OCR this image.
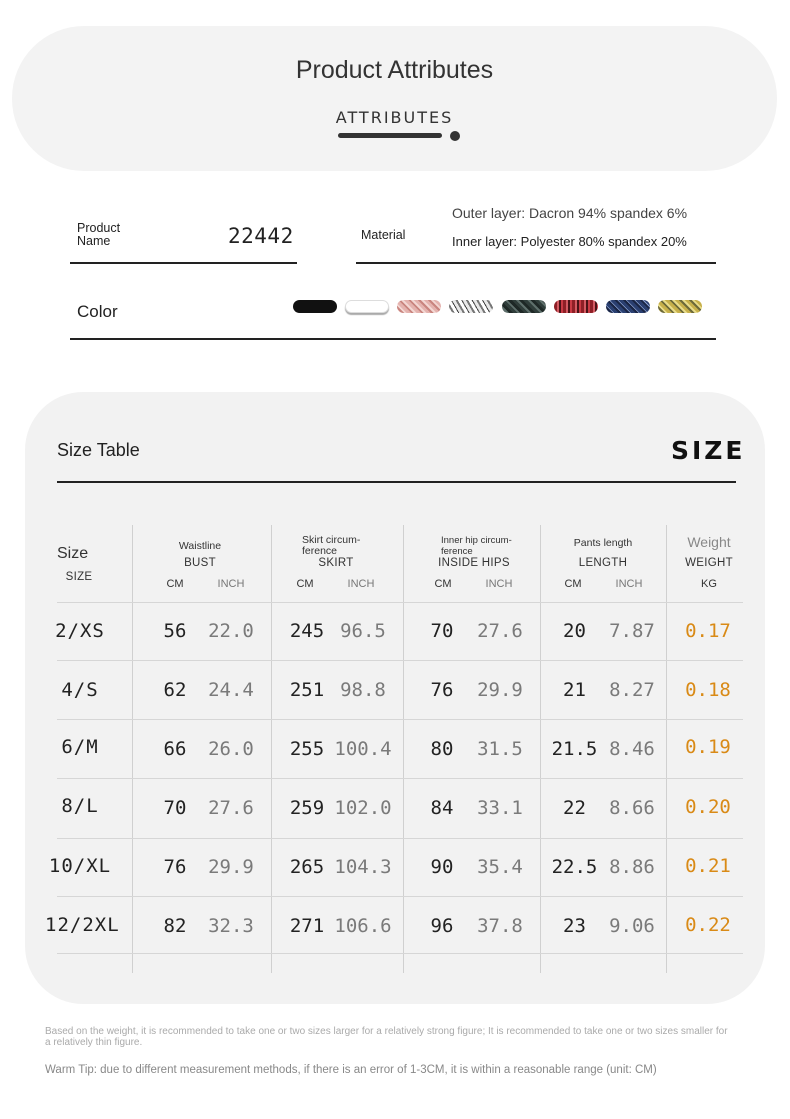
Product Attributes
ATTRIBUTES
Product
Name	22442	Material
Outer layer: Dacron 94% spandex 6%
Inner layer: Polyester 80% spandex 20%
Color
Size Table	SIZE
Size
SIZE
Waistline
BUST
CM	INCH
Skirt circum-ference
SKIRT
CM	INCH
Inner hip circum-ference
INSIDE HIPS
CM	INCH
Pants length
LENGTH
CM	INCH
Weight
WEIGHT
KG
2/XS	56	22.0	245 96.5	70	27.6	20	7.87	0.17
4/S	62	24.4	251 98.8	76	29.9	21	8.27	0.18
6/M	66	26.0	255 100.4	80	31.5	21.5 8.46	0.19
8/L	70	27.6	259 102.0	84	33.1	22	8.66	0.20
10/XL	76	29.9	265 104.3	90	35.4	22.5 8.86	0.21
12/2XL	82	32.3	271 106.6	96	37.8	23	9.06	0.22
Based on the weight, it is recommended to take one or two sizes larger for a relatively strong figure; It is recommended to take one or two sizes smaller for a relatively thin figure.
Warm Tip: due to different measurement methods, if there is an error of 1-3CM, it is within a reasonable range (unit: CM)
